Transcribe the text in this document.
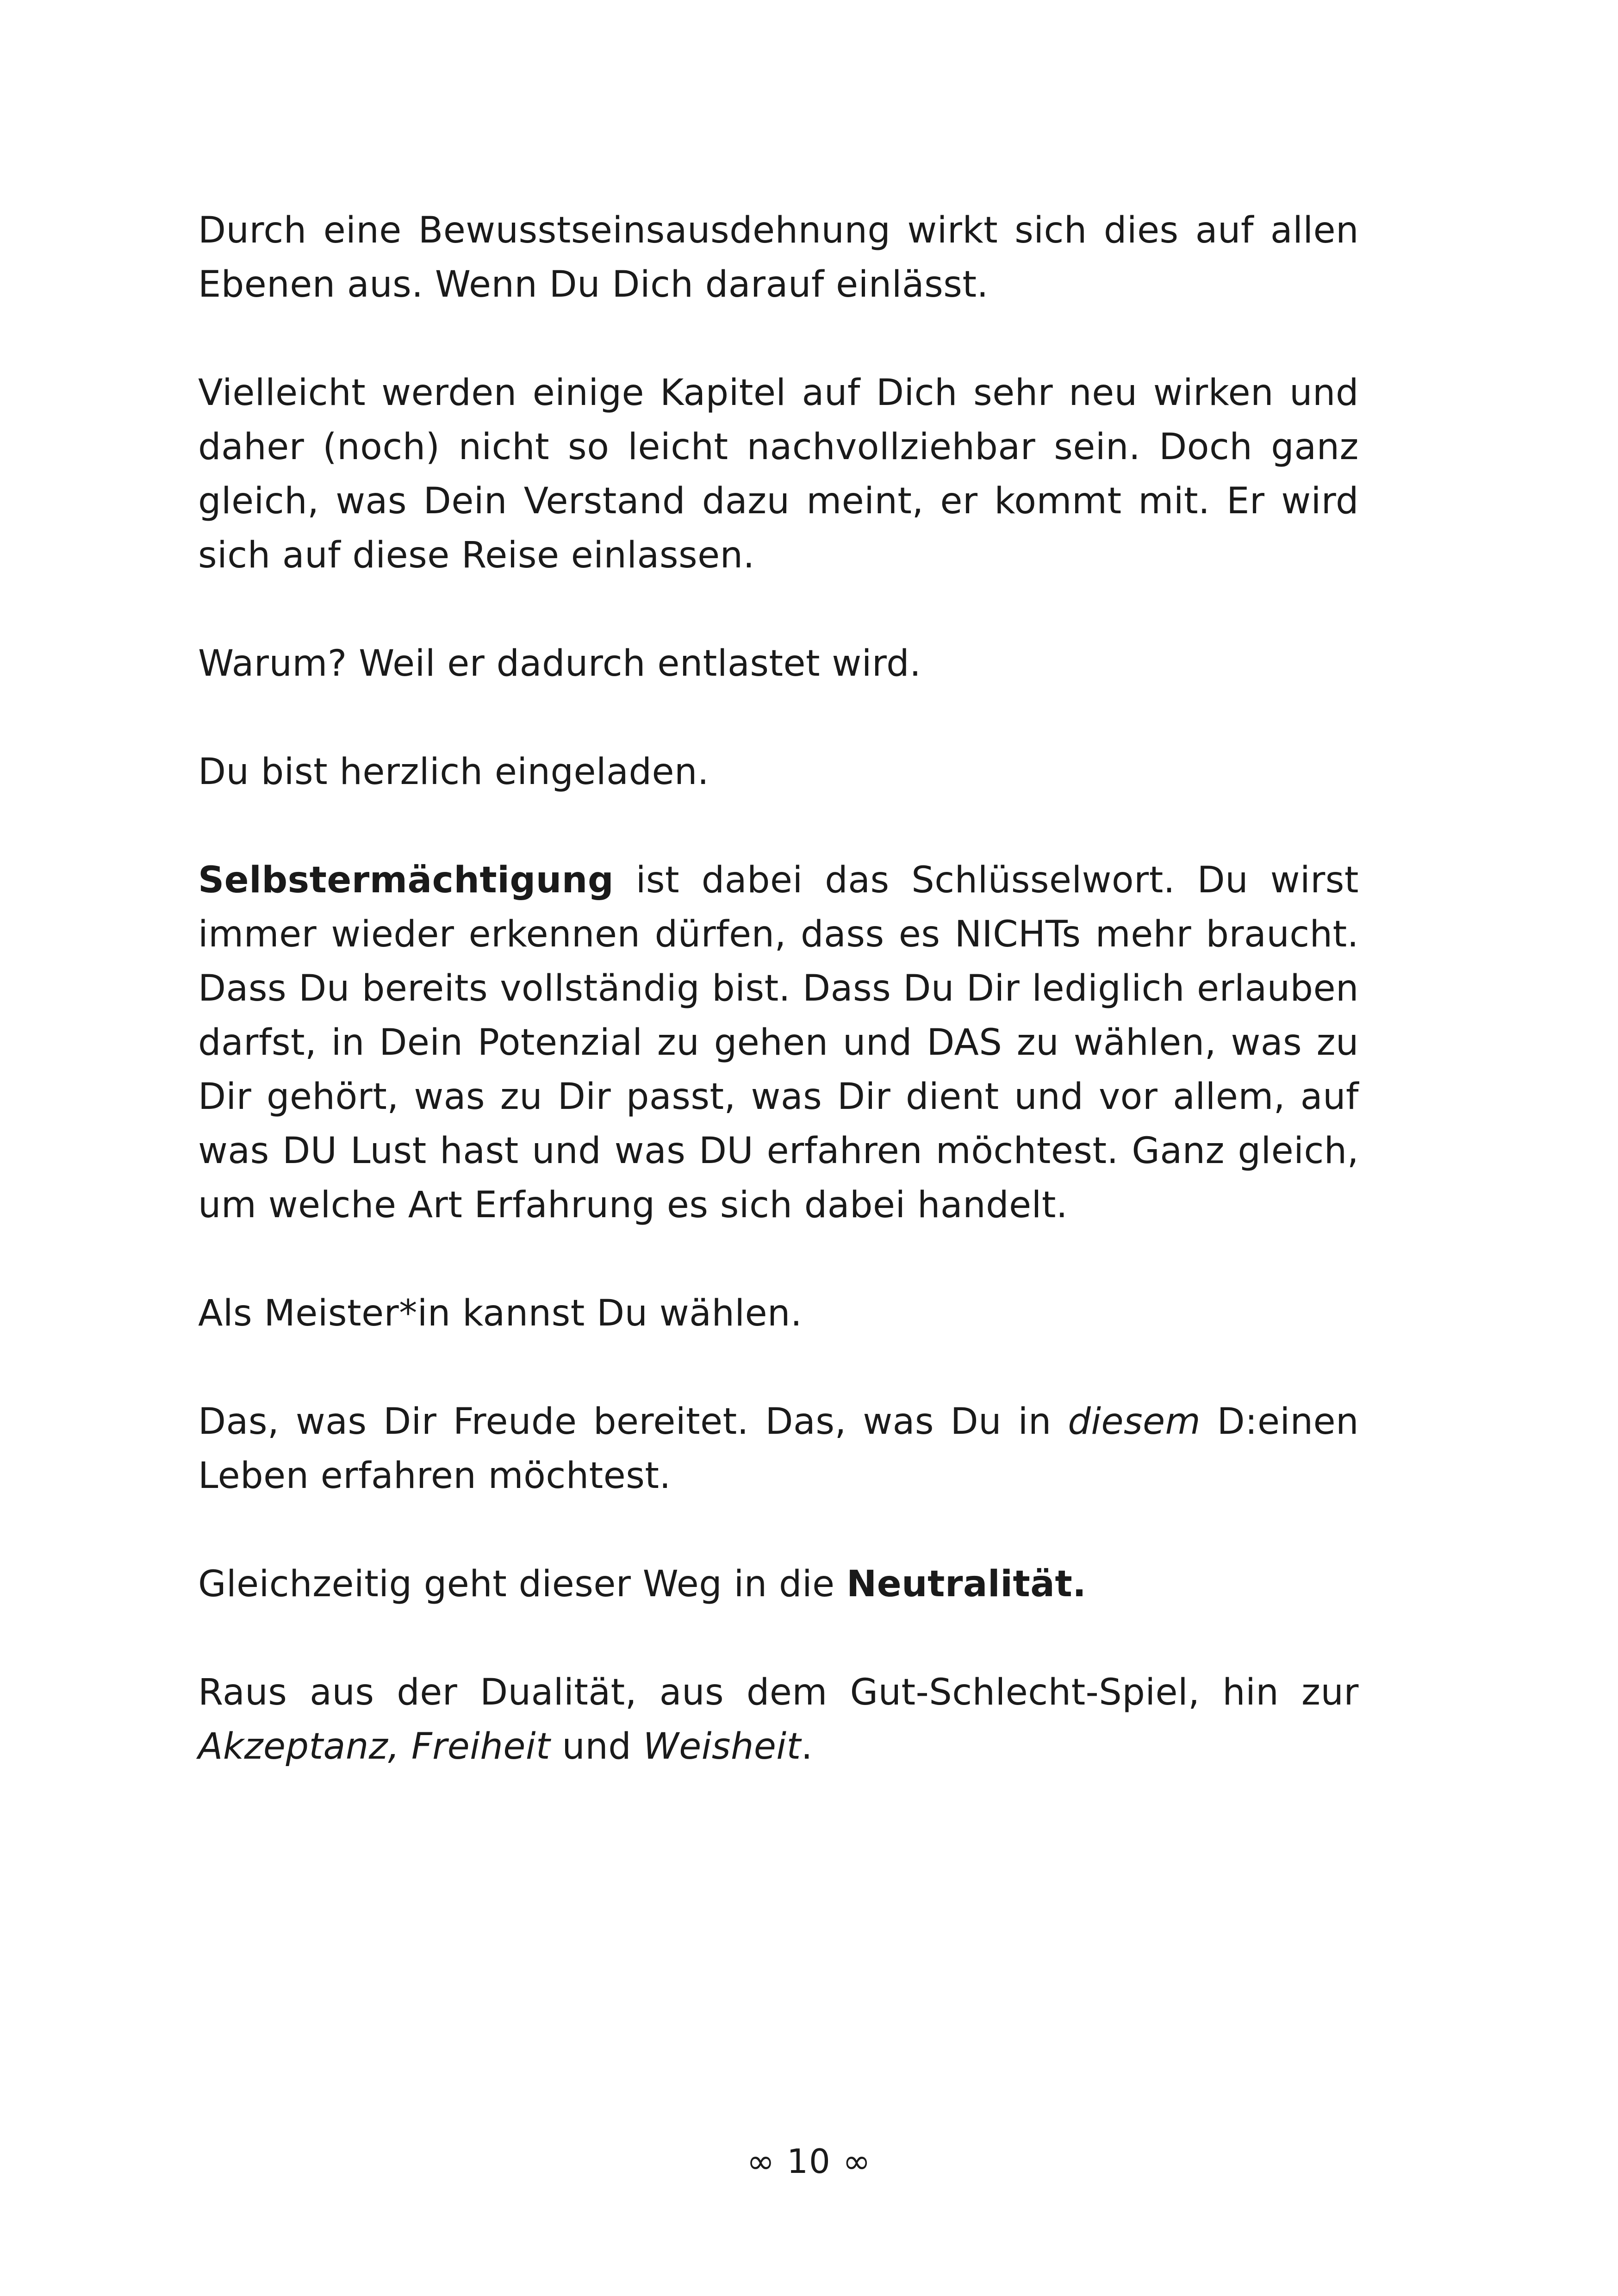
Durch eine Bewusstseinsausdehnung wirkt sich dies auf allen Ebenen aus. Wenn Du Dich darauf einlässt.

Vielleicht werden einige Kapitel auf Dich sehr neu wirken und daher (noch) nicht so leicht nachvollziehbar sein. Doch ganz gleich, was Dein Verstand dazu meint, er kommt mit. Er wird sich auf diese Reise einlassen.

Warum? Weil er dadurch entlastet wird.

Du bist herzlich eingeladen.

Selbstermächtigung ist dabei das Schlüsselwort. Du wirst immer wieder erkennen dürfen, dass es NICHTs mehr braucht. Dass Du bereits vollständig bist. Dass Du Dir lediglich erlauben darfst, in Dein Potenzial zu gehen und DAS zu wählen, was zu Dir gehört, was zu Dir passt, was Dir dient und vor allem, auf was DU Lust hast und was DU erfahren möchtest. Ganz gleich, um welche Art Erfahrung es sich dabei handelt.

Als Meister*in kannst Du wählen.

Das, was Dir Freude bereitet. Das, was Du in diesem D:einen Leben erfahren möchtest.

Gleichzeitig geht dieser Weg in die Neutralität.

Raus aus der Dualität, aus dem Gut-Schlecht-Spiel, hin zur Akzeptanz, Freiheit und Weisheit.

∞ 10 ∞
